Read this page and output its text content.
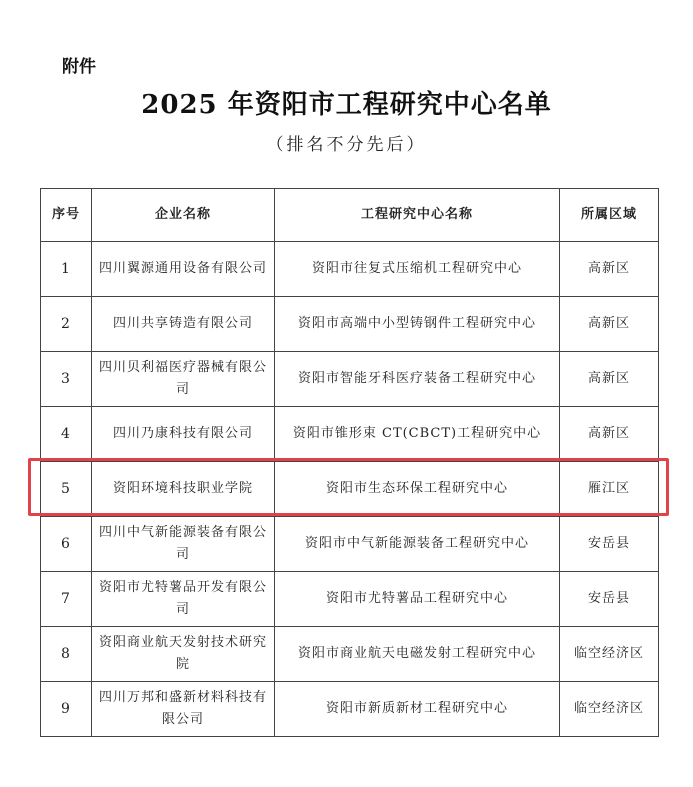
附件
2025 年资阳市工程研究中心名单
（排名不分先后）
序号	企业名称	工程研究中心名称	所属区域
1	四川翼源通用设备有限公司	资阳市往复式压缩机工程研究中心	高新区
2	四川共享铸造有限公司	资阳市高端中小型铸钢件工程研究中心	高新区
3	四川贝利福医疗器械有限公司	资阳市智能牙科医疗装备工程研究中心	高新区
4	四川乃康科技有限公司	资阳市锥形束 CT(CBCT)工程研究中心	高新区
5	资阳环境科技职业学院	资阳市生态环保工程研究中心	雁江区
6	四川中气新能源装备有限公司	资阳市中气新能源装备工程研究中心	安岳县
7	资阳市尤特薯品开发有限公司	资阳市尤特薯品工程研究中心	安岳县
8	资阳商业航天发射技术研究院	资阳市商业航天电磁发射工程研究中心	临空经济区
9	四川万邦和盛新材料科技有限公司	资阳市新质新材工程研究中心	临空经济区
